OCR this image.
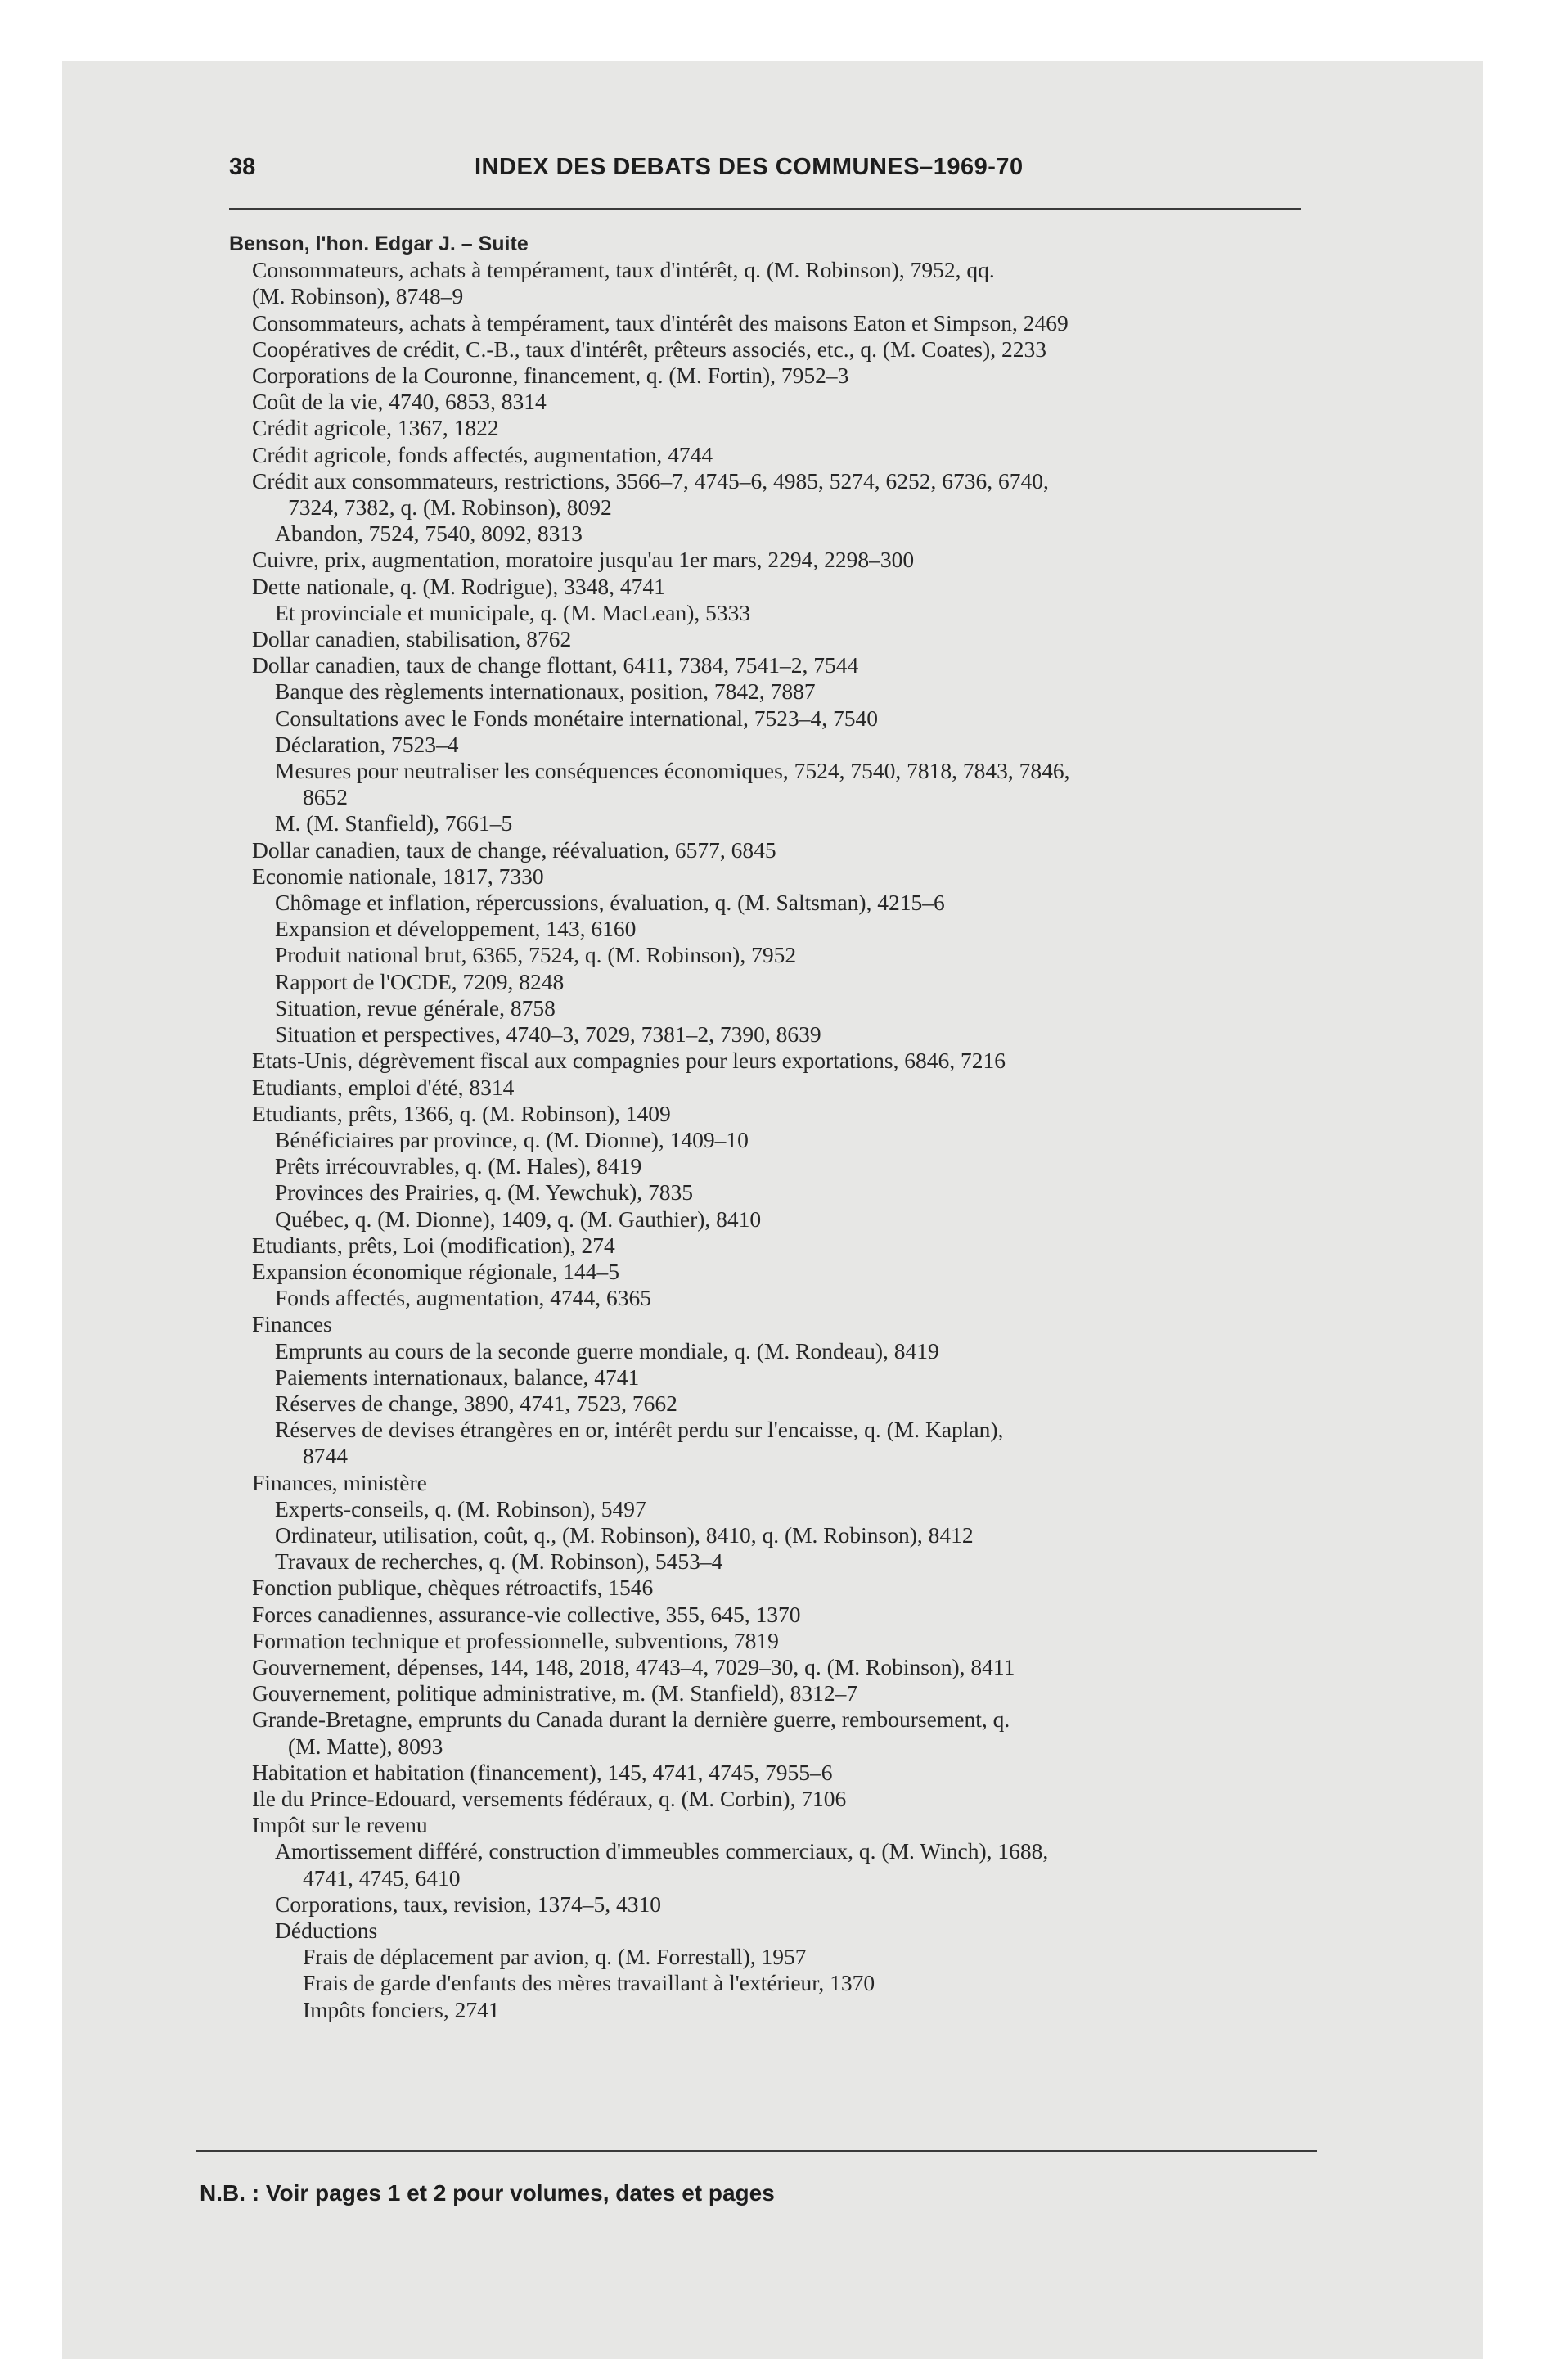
38	INDEX DES DEBATS DES COMMUNES–1969-70

Benson, l'hon. Edgar J. – Suite

Consommateurs, achats à tempérament, taux d'intérêt, q. (M. Robinson), 7952, qq.

(M. Robinson), 8748–9

Consommateurs, achats à tempérament, taux d'intérêt des maisons Eaton et Simpson, 2469

Coopératives de crédit, C.-B., taux d'intérêt, prêteurs associés, etc., q. (M. Coates), 2233

Corporations de la Couronne, financement, q. (M. Fortin), 7952–3

Coût de la vie, 4740, 6853, 8314

Crédit agricole, 1367, 1822

Crédit agricole, fonds affectés, augmentation, 4744

Crédit aux consommateurs, restrictions, 3566–7, 4745–6, 4985, 5274, 6252, 6736, 6740,

7324, 7382, q. (M. Robinson), 8092

Abandon, 7524, 7540, 8092, 8313

Cuivre, prix, augmentation, moratoire jusqu'au 1er mars, 2294, 2298–300

Dette nationale, q. (M. Rodrigue), 3348, 4741

Et provinciale et municipale, q. (M. MacLean), 5333

Dollar canadien, stabilisation, 8762

Dollar canadien, taux de change flottant, 6411, 7384, 7541–2, 7544

Banque des règlements internationaux, position, 7842, 7887

Consultations avec le Fonds monétaire international, 7523–4, 7540

Déclaration, 7523–4

Mesures pour neutraliser les conséquences économiques, 7524, 7540, 7818, 7843, 7846,

8652

M. (M. Stanfield), 7661–5

Dollar canadien, taux de change, réévaluation, 6577, 6845

Economie nationale, 1817, 7330

Chômage et inflation, répercussions, évaluation, q. (M. Saltsman), 4215–6

Expansion et développement, 143, 6160

Produit national brut, 6365, 7524, q. (M. Robinson), 7952

Rapport de l'OCDE, 7209, 8248

Situation, revue générale, 8758

Situation et perspectives, 4740–3, 7029, 7381–2, 7390, 8639

Etats-Unis, dégrèvement fiscal aux compagnies pour leurs exportations, 6846, 7216

Etudiants, emploi d'été, 8314

Etudiants, prêts, 1366, q. (M. Robinson), 1409

Bénéficiaires par province, q. (M. Dionne), 1409–10

Prêts irrécouvrables, q. (M. Hales), 8419

Provinces des Prairies, q. (M. Yewchuk), 7835

Québec, q. (M. Dionne), 1409, q. (M. Gauthier), 8410

Etudiants, prêts, Loi (modification), 274

Expansion économique régionale, 144–5

Fonds affectés, augmentation, 4744, 6365

Finances

Emprunts au cours de la seconde guerre mondiale, q. (M. Rondeau), 8419

Paiements internationaux, balance, 4741

Réserves de change, 3890, 4741, 7523, 7662

Réserves de devises étrangères en or, intérêt perdu sur l'encaisse, q. (M. Kaplan),

8744

Finances, ministère

Experts-conseils, q. (M. Robinson), 5497

Ordinateur, utilisation, coût, q., (M. Robinson), 8410, q. (M. Robinson), 8412

Travaux de recherches, q. (M. Robinson), 5453–4

Fonction publique, chèques rétroactifs, 1546

Forces canadiennes, assurance-vie collective, 355, 645, 1370

Formation technique et professionnelle, subventions, 7819

Gouvernement, dépenses, 144, 148, 2018, 4743–4, 7029–30, q. (M. Robinson), 8411

Gouvernement, politique administrative, m. (M. Stanfield), 8312–7

Grande-Bretagne, emprunts du Canada durant la dernière guerre, remboursement, q.

(M. Matte), 8093

Habitation et habitation (financement), 145, 4741, 4745, 7955–6

Ile du Prince-Edouard, versements fédéraux, q. (M. Corbin), 7106

Impôt sur le revenu

Amortissement différé, construction d'immeubles commerciaux, q. (M. Winch), 1688,

4741, 4745, 6410

Corporations, taux, revision, 1374–5, 4310

Déductions

Frais de déplacement par avion, q. (M. Forrestall), 1957

Frais de garde d'enfants des mères travaillant à l'extérieur, 1370

Impôts fonciers, 2741

N.B. : Voir pages 1 et 2 pour volumes, dates et pages
